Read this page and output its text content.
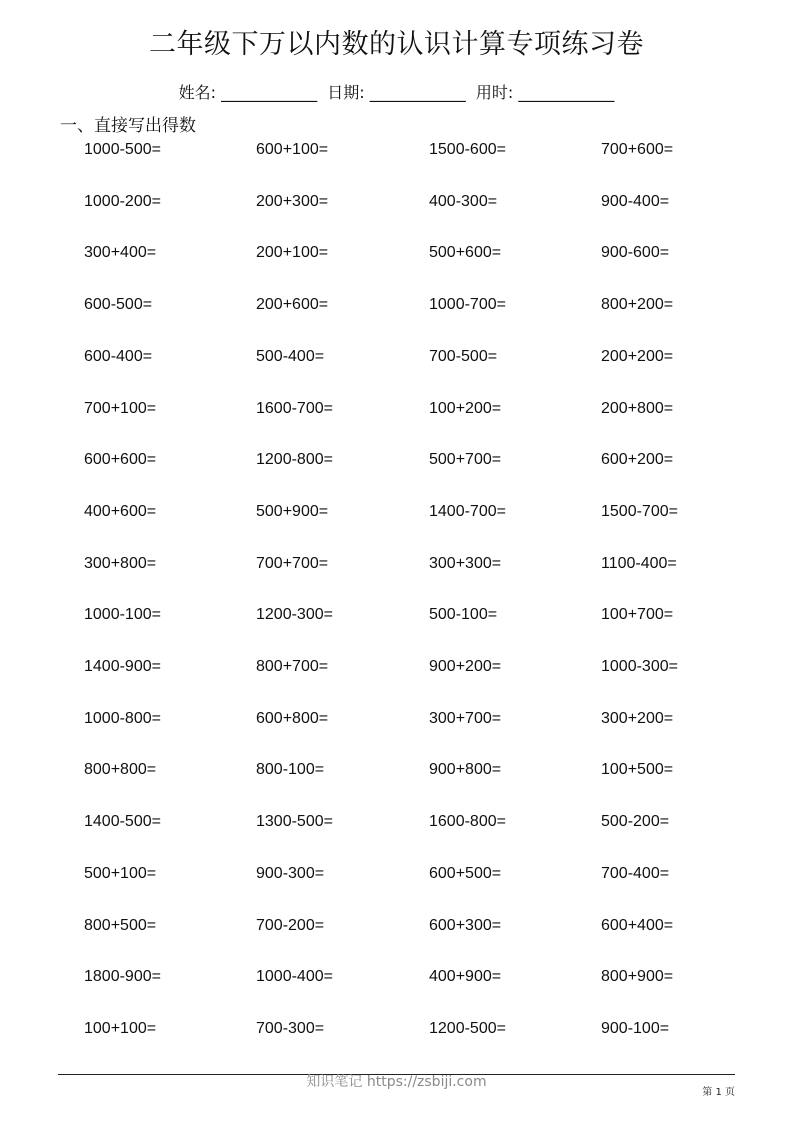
二年级下万以内数的认识计算专项练习卷
姓名: ____________  日期: ____________  用时: ____________
一、直接写出得数
1000-500=	600+100=	1500-600=	700+600=
1000-200=	200+300=	400-300=	900-400=
300+400=	200+100=	500+600=	900-600=
600-500=	200+600=	1000-700=	800+200=
600-400=	500-400=	700-500=	200+200=
700+100=	1600-700=	100+200=	200+800=
600+600=	1200-800=	500+700=	600+200=
400+600=	500+900=	1400-700=	1500-700=
300+800=	700+700=	300+300=	1100-400=
1000-100=	1200-300=	500-100=	100+700=
1400-900=	800+700=	900+200=	1000-300=
1000-800=	600+800=	300+700=	300+200=
800+800=	800-100=	900+800=	100+500=
1400-500=	1300-500=	1600-800=	500-200=
500+100=	900-300=	600+500=	700-400=
800+500=	700-200=	600+300=	600+400=
1800-900=	1000-400=	400+900=	800+900=
100+100=	700-300=	1200-500=	900-100=
知识笔记 https://zsbiji.com
第 1 页
